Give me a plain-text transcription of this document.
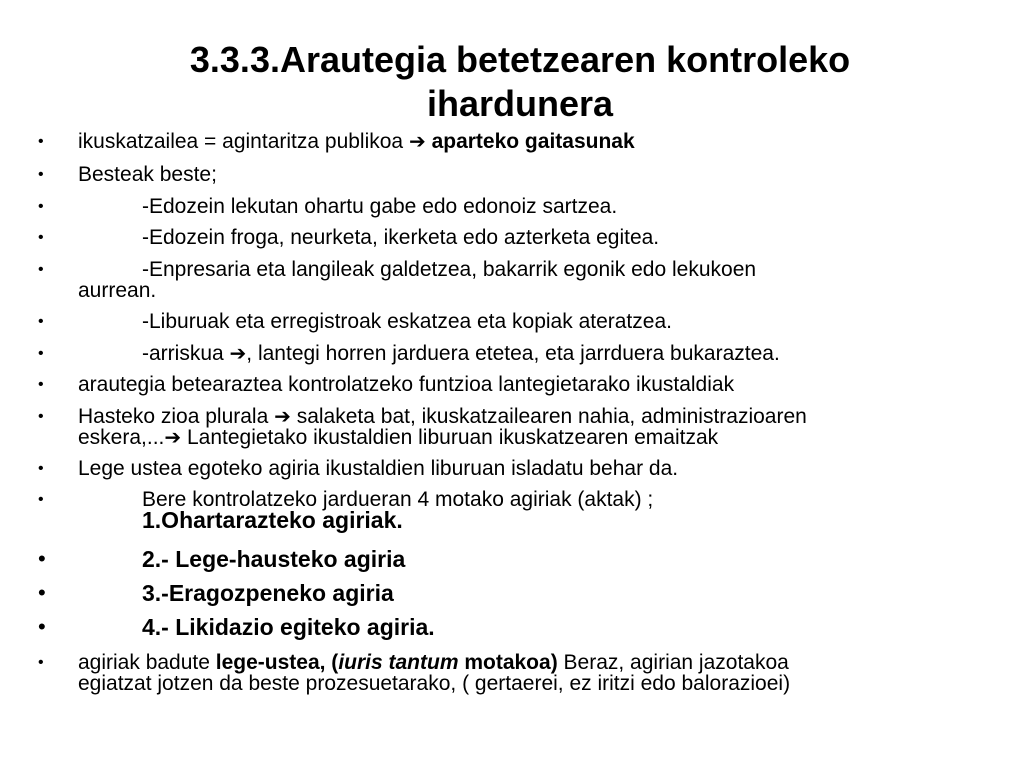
3.3.3.Arautegia betetzearen kontroleko
ihardunera
• ikuskatzailea = agintaritza publikoa ➔ aparteko gaitasunak
• Besteak beste;
•	-Edozein lekutan ohartu gabe edo edonoiz sartzea.
•	-Edozein froga, neurketa, ikerketa edo azterketa egitea.
•	-Enpresaria eta langileak galdetzea, bakarrik egonik edo lekukoen
aurrean.
•	-Liburuak eta erregistroak eskatzea eta kopiak ateratzea.
•	-arriskua ➔, lantegi horren jarduera etetea, eta jarrduera bukaraztea.
• arautegia betearaztea kontrolatzeko funtzioa lantegietarako ikustaldiak
• Hasteko zioa plurala ➔ salaketa bat, ikuskatzailearen nahia, administrazioaren
eskera,...➔ Lantegietako ikustaldien liburuan ikuskatzearen emaitzak
• Lege ustea egoteko agiria ikustaldien liburuan isladatu behar da.
•	Bere kontrolatzeko jardueran 4 motako agiriak (aktak) ;
1.Ohartarazteko agiriak.
•	2.- Lege-hausteko agiria
•	3.-Eragozpeneko agiria
•	4.- Likidazio egiteko agiria.
• agiriak badute lege-ustea, (iuris tantum motakoa) Beraz, agirian jazotakoa
egiatzat jotzen da beste prozesuetarako, ( gertaerei, ez iritzi edo balorazioei)
